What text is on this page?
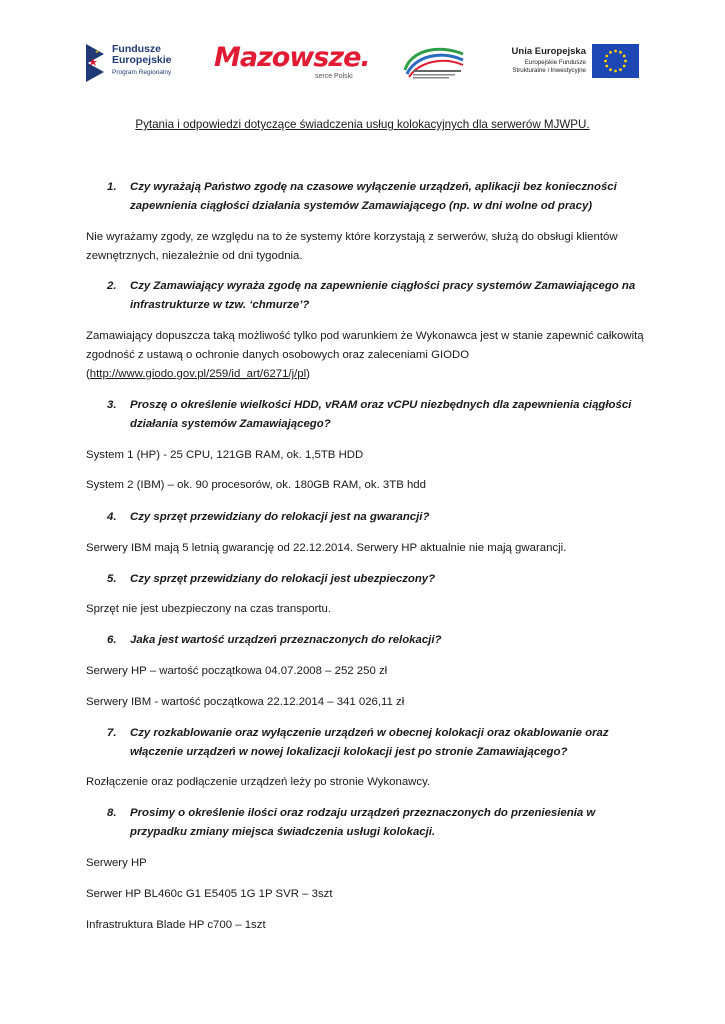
Fundusze
Europejskie
Program Regionalny Mazowsze.
serce Polski
Unia Europejska
Europejskie Fundusze
Strukturalne i Inwestycyjne
Pytania i odpowiedzi dotyczące świadczenia usług kolokacyjnych dla serwerów MJWPU.
1.	Czy wyrażają Państwo zgodę na czasowe wyłączenie urządzeń, aplikacji bez konieczności zapewnienia ciągłości działania systemów Zamawiającego (np. w dni wolne od pracy)
Nie wyrażamy zgody, ze względu na to że systemy które korzystają z serwerów, służą do obsługi klientów zewnętrznych, niezależnie od dni tygodnia.
2.	Czy Zamawiający wyraża zgodę na zapewnienie ciągłości pracy systemów Zamawiającego na infrastrukturze w tzw. ‘chmurze’?
Zamawiający dopuszcza taką możliwość tylko pod warunkiem że Wykonawca jest w stanie zapewnić całkowitą zgodność z ustawą o ochronie danych osobowych oraz zaleceniami GIODO (http://www.giodo.gov.pl/259/id_art/6271/j/pl)
3.	Proszę o określenie wielkości HDD, vRAM oraz vCPU niezbędnych dla zapewnienia ciągłości działania systemów Zamawiającego?
System 1 (HP) - 25 CPU, 121GB RAM, ok. 1,5TB HDD
System 2 (IBM) – ok. 90 procesorów, ok. 180GB RAM, ok. 3TB hdd
4.	Czy sprzęt przewidziany do relokacji jest na gwarancji?
Serwery IBM mają 5 letnią gwarancję od 22.12.2014. Serwery HP aktualnie nie mają gwarancji.
5.	Czy sprzęt przewidziany do relokacji jest ubezpieczony?
Sprzęt nie jest ubezpieczony na czas transportu.
6.	Jaka jest wartość urządzeń przeznaczonych do relokacji?
Serwery HP – wartość początkowa 04.07.2008 – 252 250 zł
Serwery IBM - wartość początkowa 22.12.2014 – 341 026,11 zł
7.	Czy rozkablowanie oraz wyłączenie urządzeń w obecnej kolokacji oraz okablowanie oraz włączenie urządzeń w nowej lokalizacji kolokacji jest po stronie Zamawiającego?
Rozłączenie oraz podłączenie urządzeń leży po stronie Wykonawcy.
8.	Prosimy o określenie ilości oraz rodzaju urządzeń przeznaczonych do przeniesienia w przypadku zmiany miejsca świadczenia usługi kolokacji.
Serwery HP
Serwer HP BL460c G1 E5405 1G 1P SVR – 3szt
Infrastruktura Blade HP c700 – 1szt
